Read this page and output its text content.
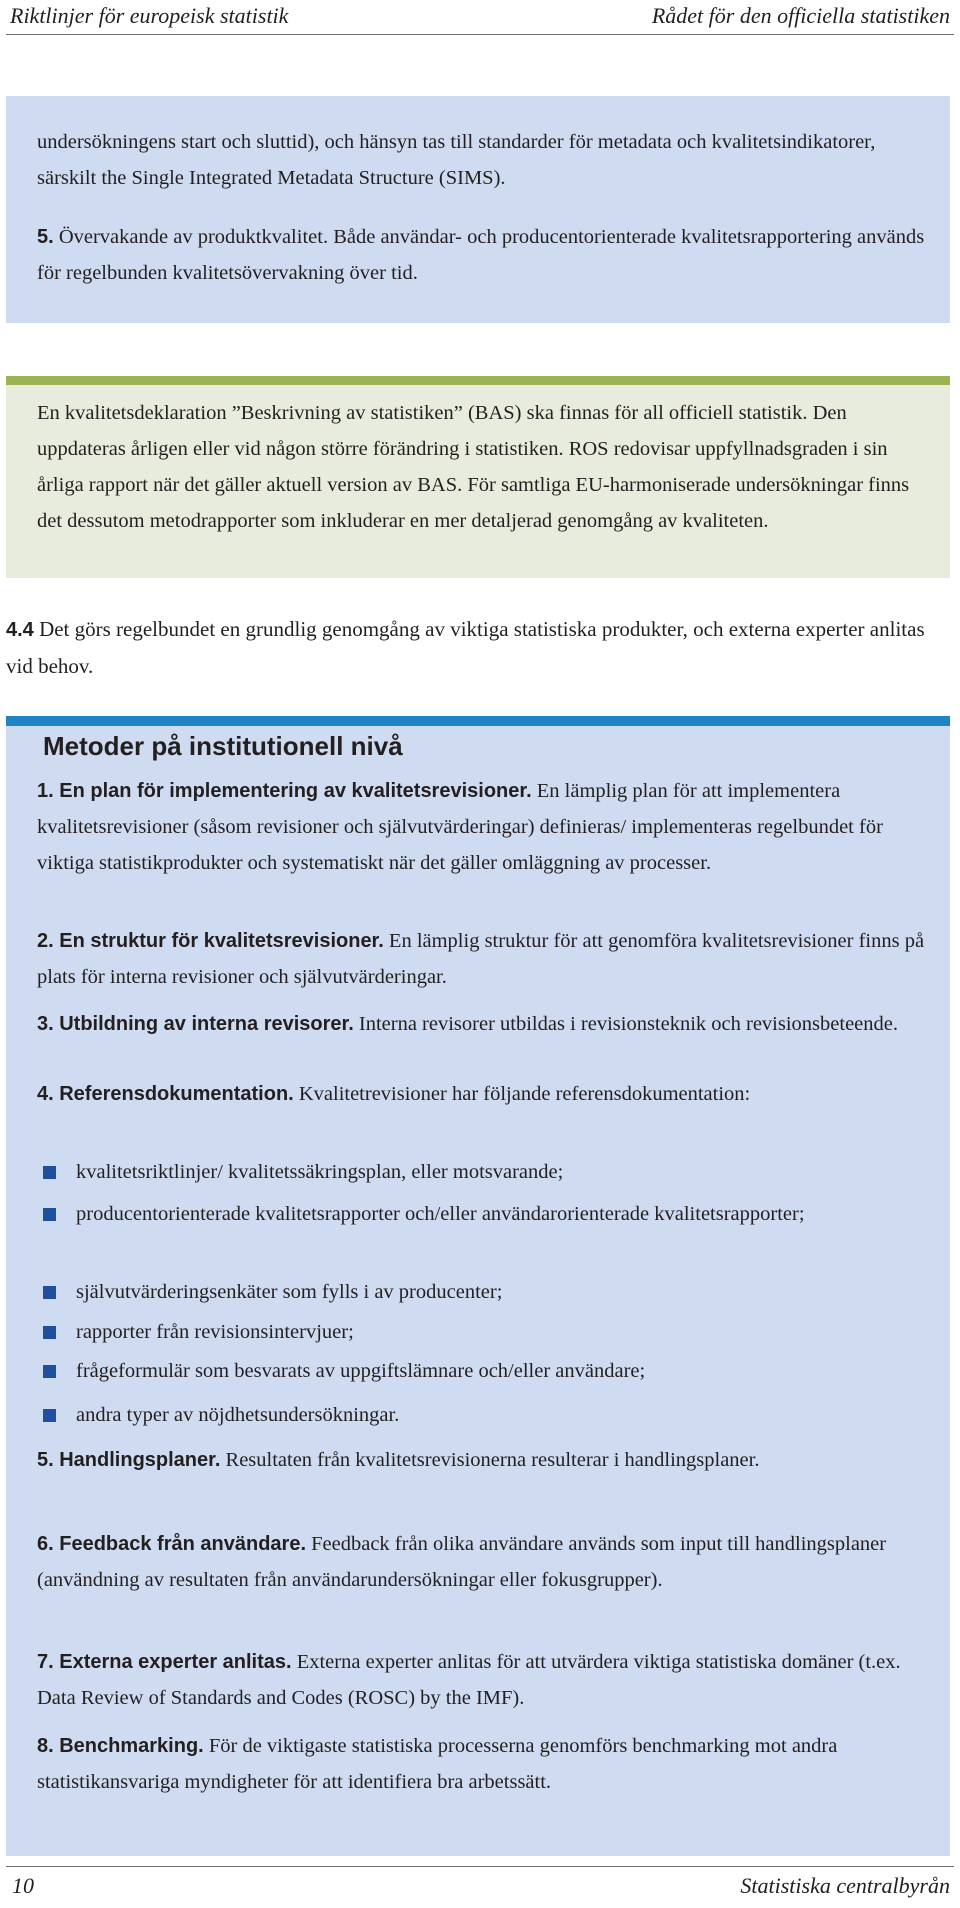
Riktlinjer för europeisk statistik	Rådet för den officiella statistiken

undersökningens start och sluttid), och hänsyn tas till standarder för metadata och kvalitetsindikatorer, särskilt the Single Integrated Metadata Structure (SIMS).

5. Övervakande av produktkvalitet. Både användar- och producentorienterade kvalitetsrapportering används för regelbunden kvalitetsövervakning över tid.

En kvalitetsdeklaration ”Beskrivning av statistiken” (BAS) ska finnas för all officiell statistik. Den uppdateras årligen eller vid någon större förändring i statistiken. ROS redovisar uppfyllnadsgraden i sin årliga rapport när det gäller aktuell version av BAS. För samtliga EU-harmoniserade undersökningar finns det dessutom metodrapporter som inkluderar en mer detaljerad genomgång av kvaliteten.
4.4 Det görs regelbundet en grundlig genomgång av viktiga statistiska produkter, och externa experter anlitas vid behov.
Metoder på institutionell nivå

1. En plan för implementering av kvalitetsrevisioner. En lämplig plan för att implementera kvalitetsrevisioner (såsom revisioner och självutvärderingar) definieras/ implementeras regelbundet för viktiga statistikprodukter och systematiskt när det gäller omläggning av processer.

2. En struktur för kvalitetsrevisioner. En lämplig struktur för att genomföra kvalitetsrevisioner finns på plats för interna revisioner och självutvärderingar.

3. Utbildning av interna revisorer. Interna revisorer utbildas i revisionsteknik och revisionsbeteende.

4. Referensdokumentation. Kvalitetrevisioner har följande referensdokumentation:

kvalitetsriktlinjer/ kvalitetssäkringsplan, eller motsvarande;
producentorienterade kvalitetsrapporter och/eller användarorienterade kvalitetsrapporter;
självutvärderingsenkäter som fylls i av producenter;
rapporter från revisionsintervjuer;
frågeformulär som besvarats av uppgiftslämnare och/eller användare;
andra typer av nöjdhetsundersökningar.

5. Handlingsplaner. Resultaten från kvalitetsrevisionerna resulterar i handlingsplaner.

6. Feedback från användare. Feedback från olika användare används som input till handlingsplaner (användning av resultaten från användarundersökningar eller fokusgrupper).

7. Externa experter anlitas. Externa experter anlitas för att utvärdera viktiga statistiska domäner (t.ex. Data Review of Standards and Codes (ROSC) by the IMF).

8. Benchmarking. För de viktigaste statistiska processerna genomförs benchmarking mot andra statistikansvariga myndigheter för att identifiera bra arbetssätt.

10	Statistiska centralbyrån
